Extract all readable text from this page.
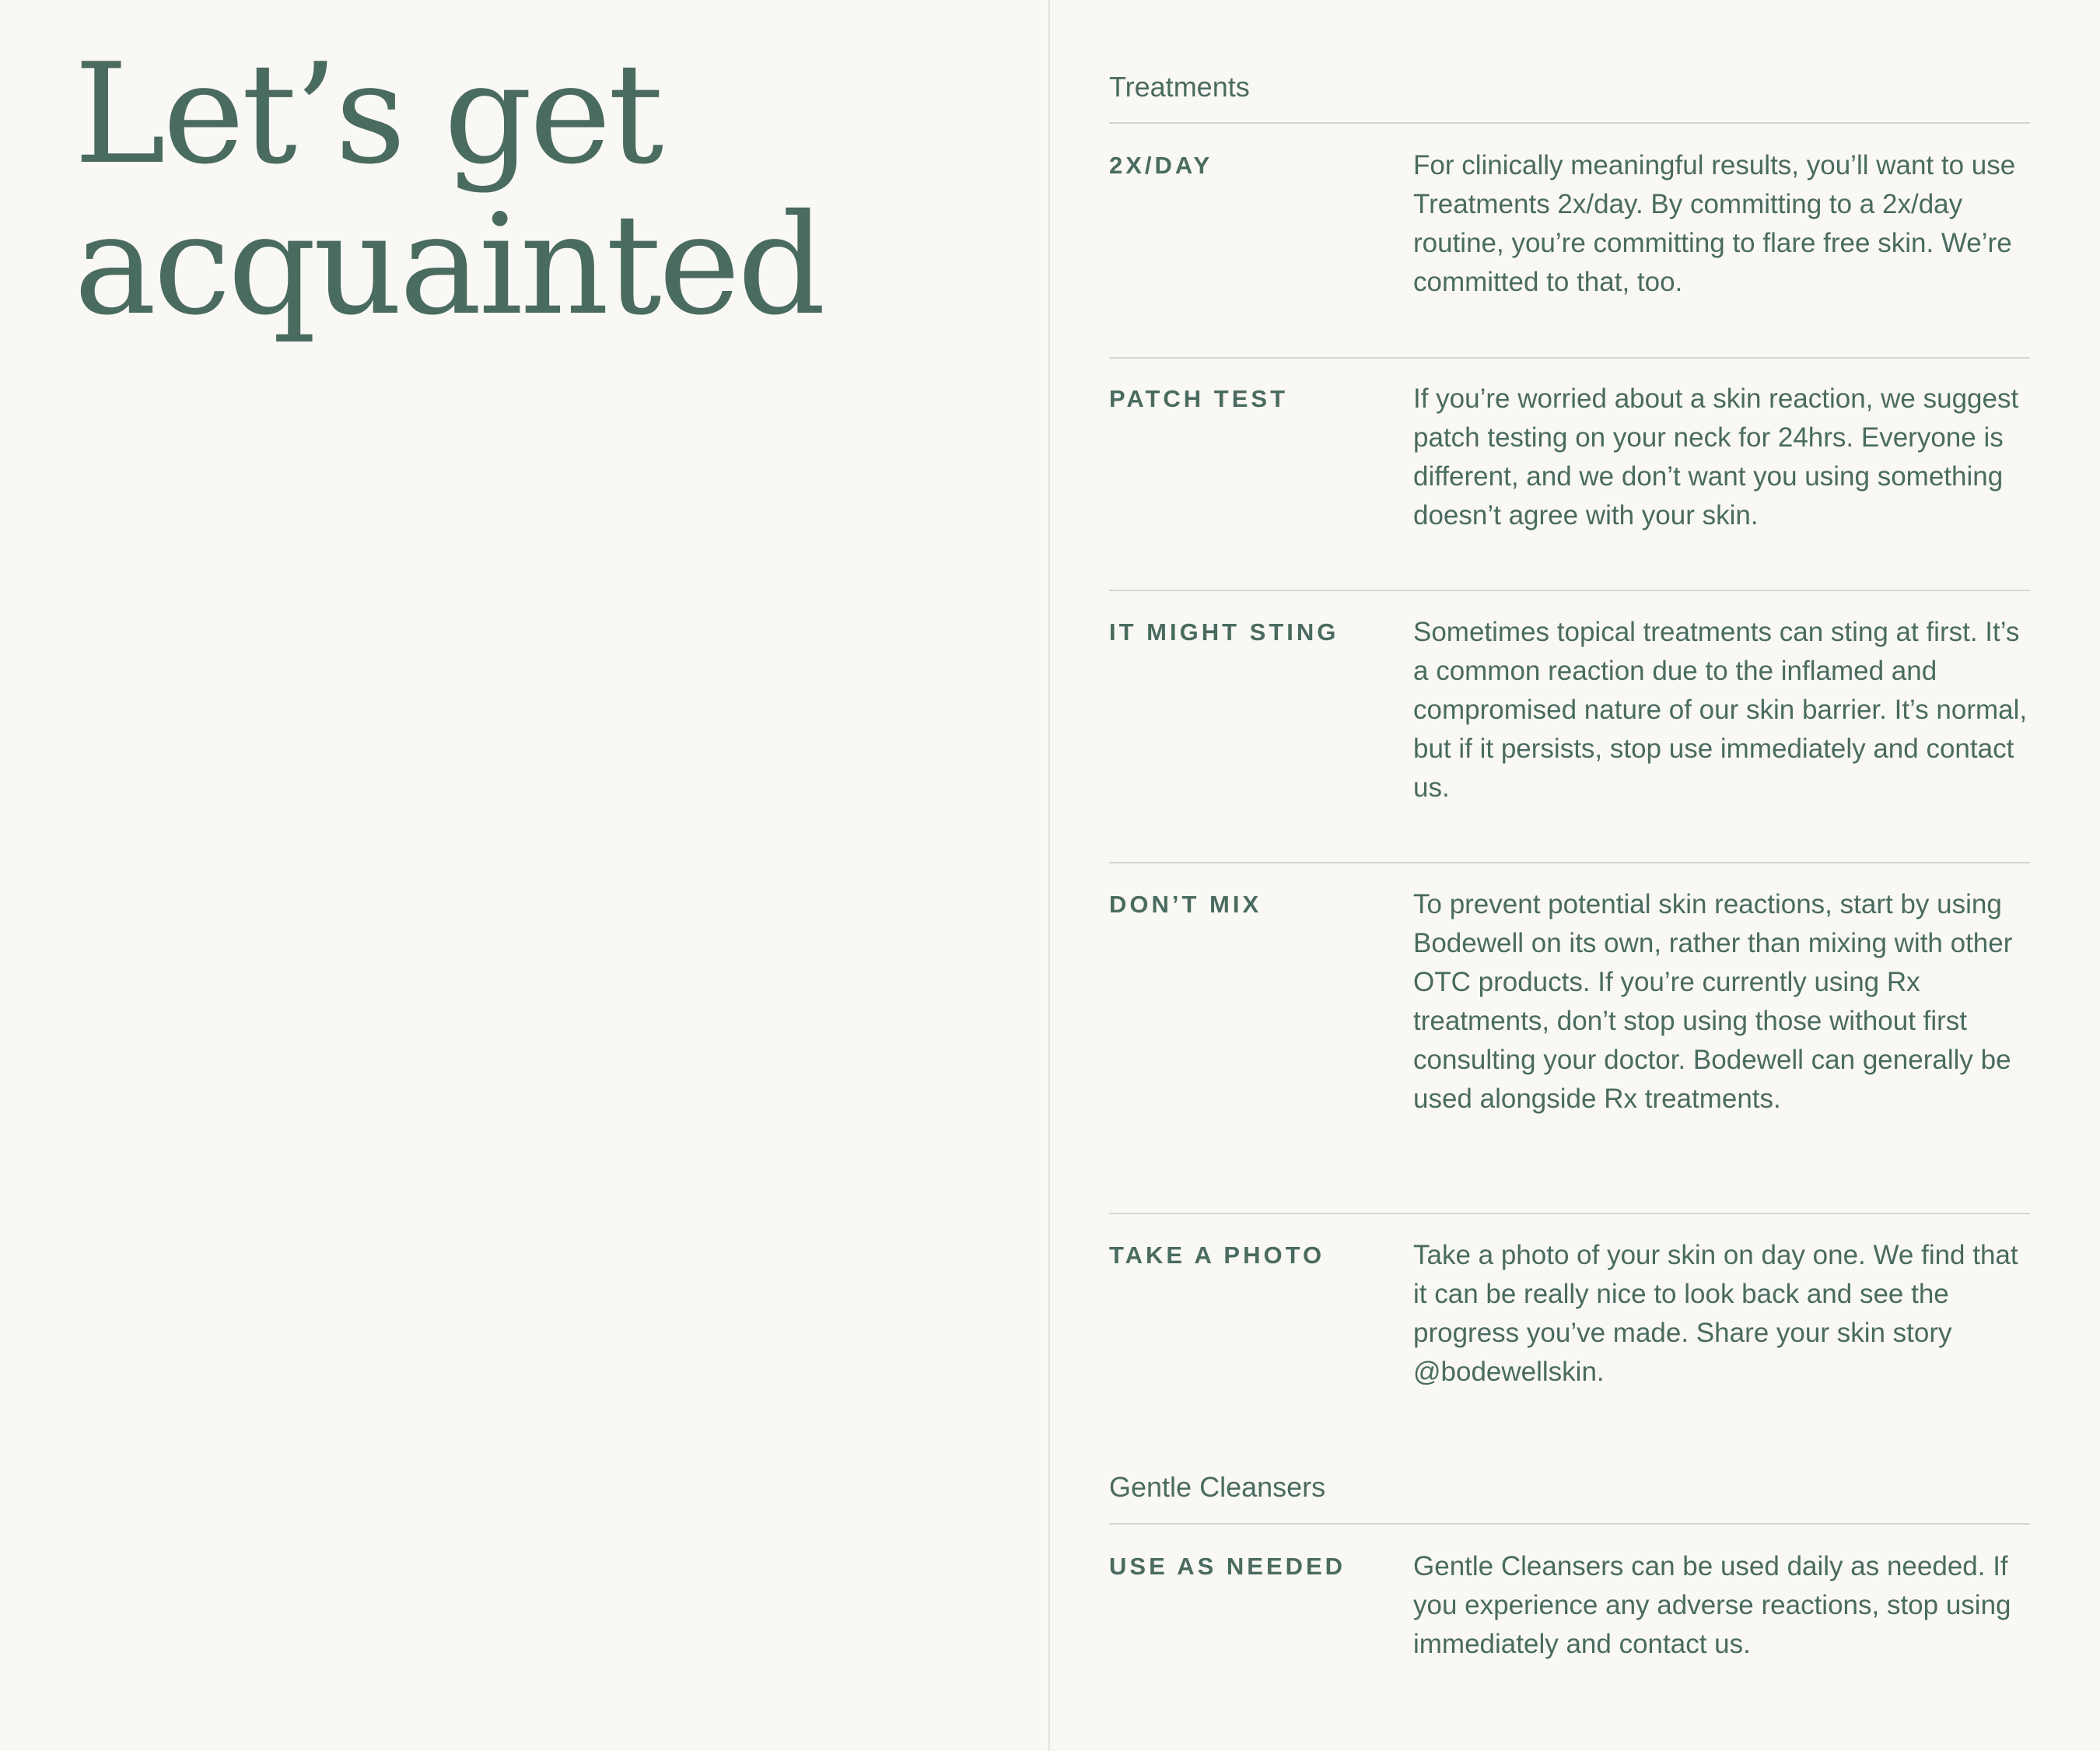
Let’s get
acquainted
Treatments
2X/DAY	For clinically meaningful results, you’ll want to use Treatments 2x/day. By committing to a 2x/day routine, you’re committing to flare free skin. We’re committed to that, too.

PATCH TEST	If you’re worried about a skin reaction, we suggest patch testing on your neck for 24hrs. Everyone is different, and we don’t want you using something doesn’t agree with your skin.

IT MIGHT STING	Sometimes topical treatments can sting at first. It’s a common reaction due to the inflamed and compromised nature of our skin barrier. It’s normal, but if it persists, stop use immediately and contact us.

DON’T MIX	To prevent potential skin reactions, start by using Bodewell on its own, rather than mixing with other OTC products. If you’re currently using Rx treatments, don’t stop using those without first consulting your doctor. Bodewell can generally be used alongside Rx treatments.

TAKE A PHOTO	Take a photo of your skin on day one. We find that it can be really nice to look back and see the progress you’ve made. Share your skin story @bodewellskin.

Gentle Cleansers
USE AS NEEDED Gentle Cleansers can be used daily as needed. If you experience any adverse reactions, stop using immediately and contact us.
